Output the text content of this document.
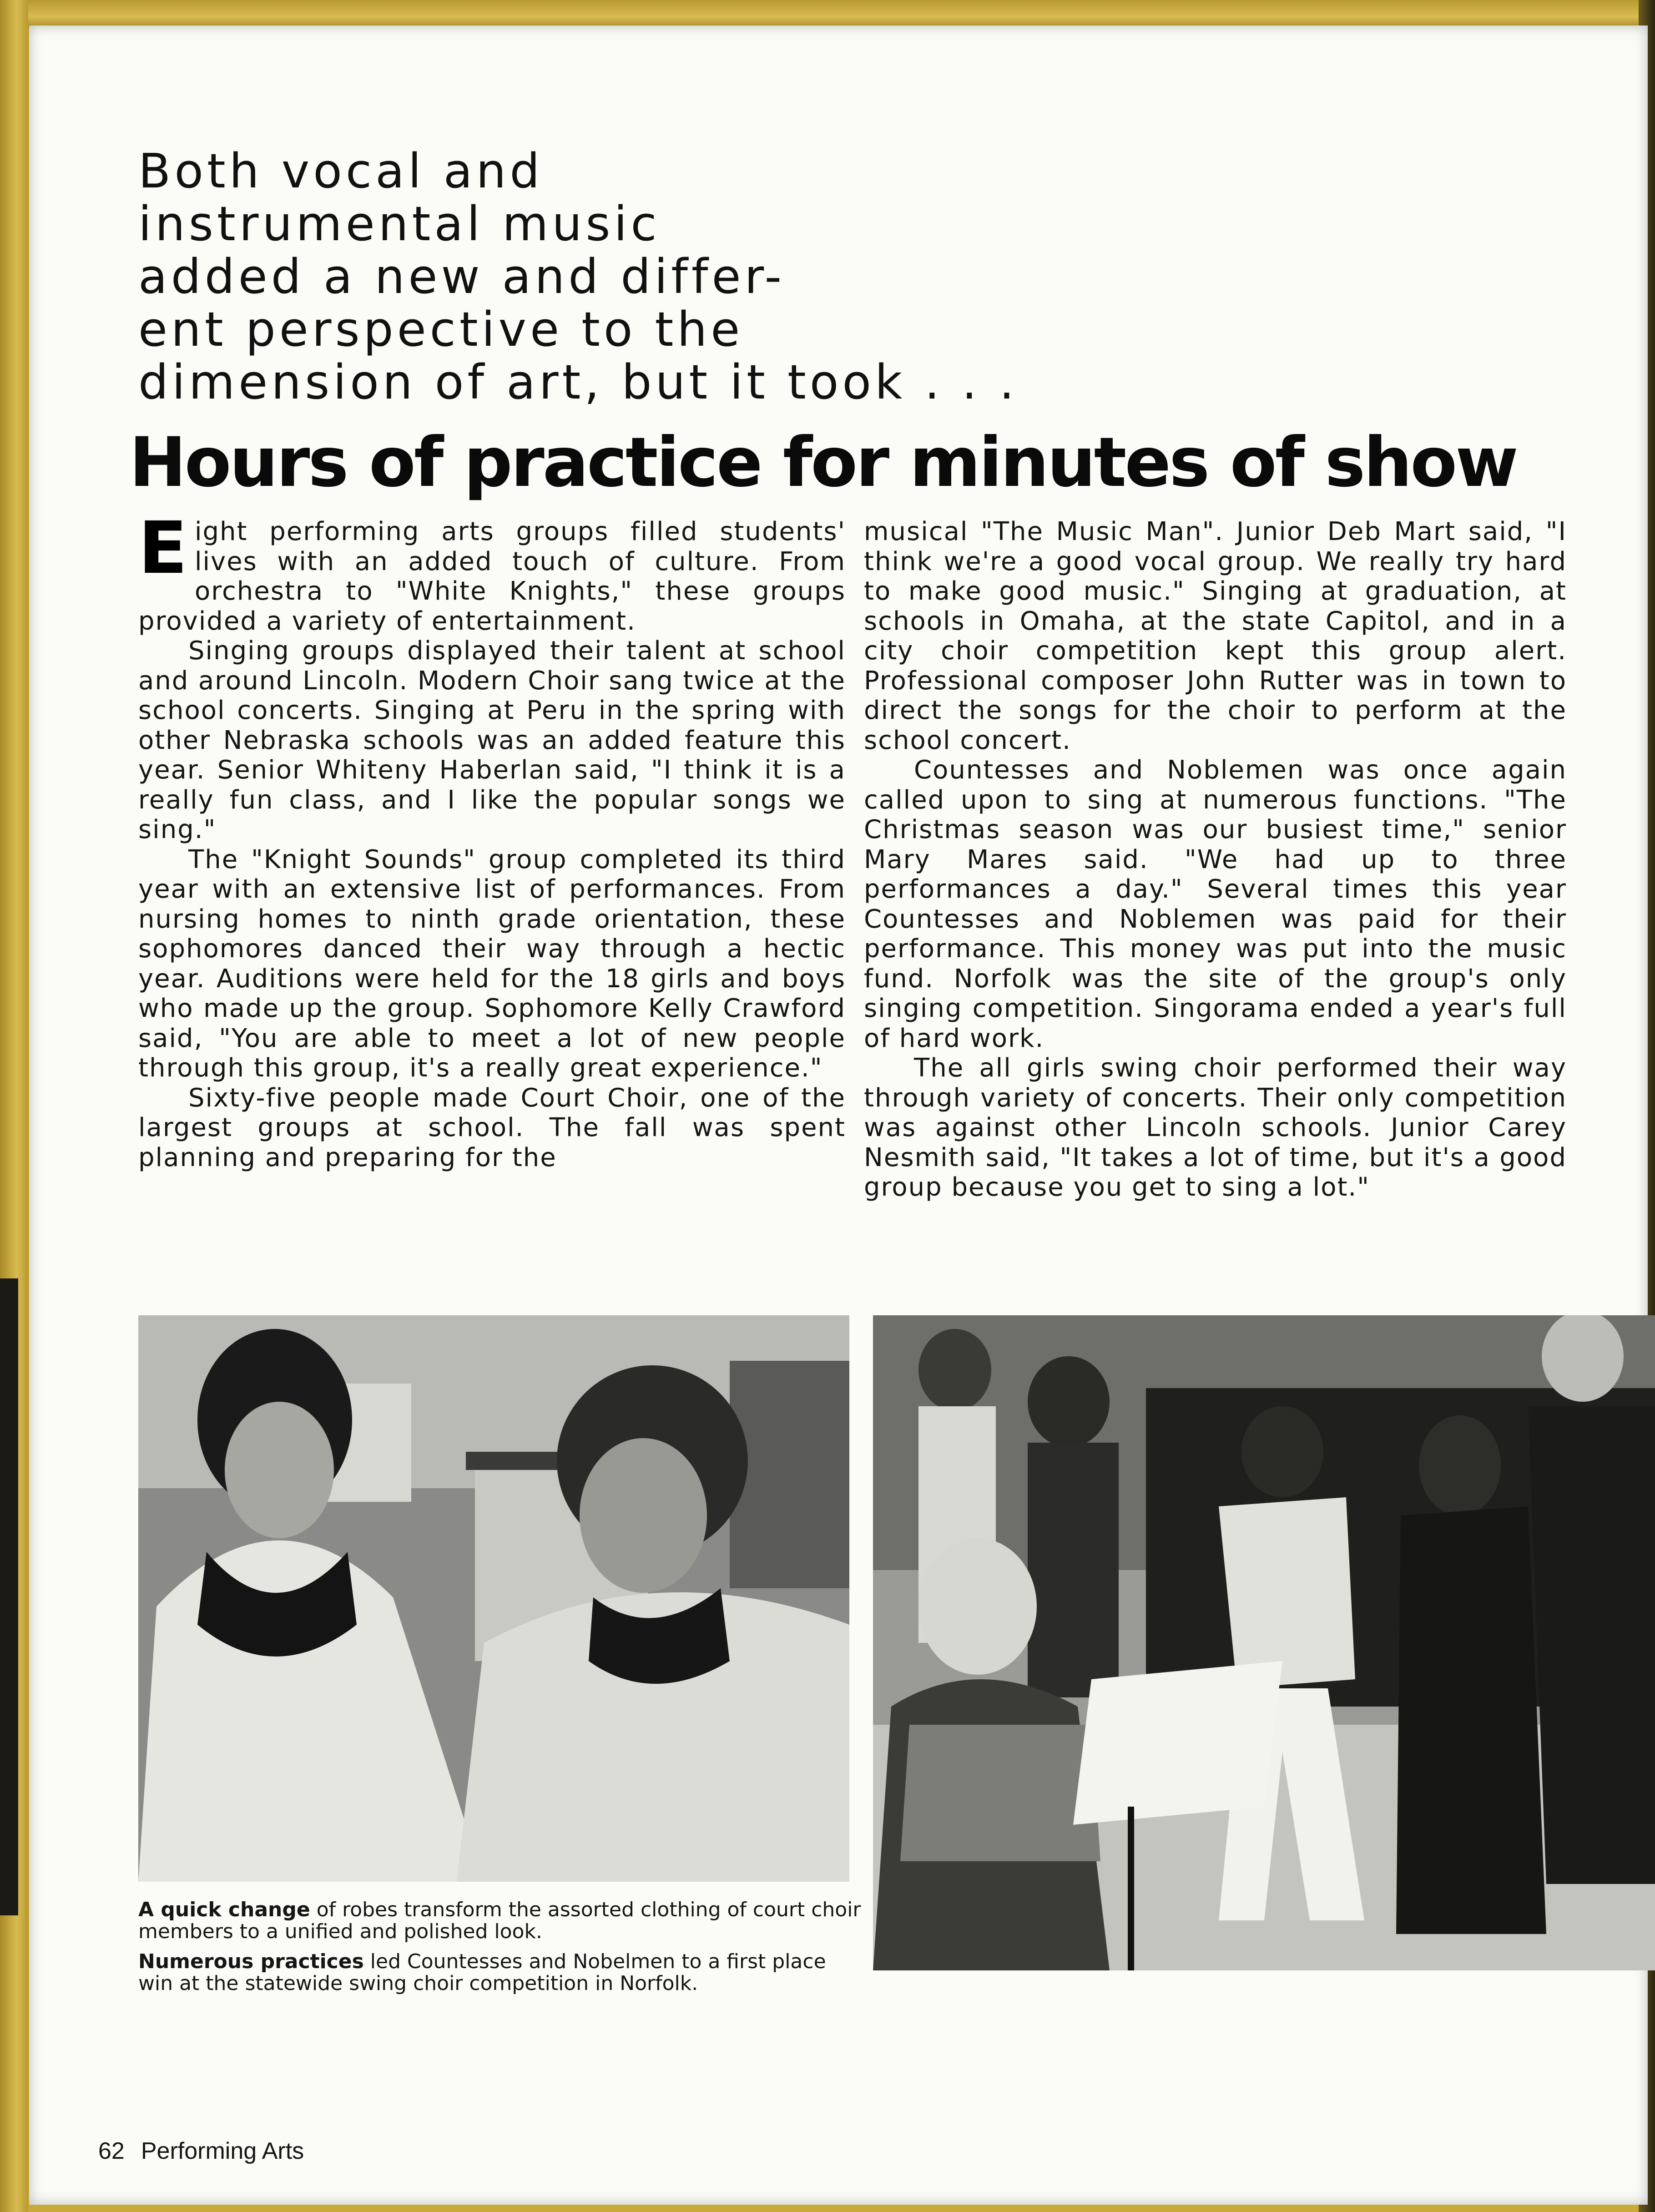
Both vocal and
instrumental music
added a new and differ-
ent perspective to the
dimension of art, but it took . . .
Hours of practice for minutes of show

Eight performing arts groups filled students' lives with an added touch of culture. From orchestra to "White Knights," these groups provided a variety of entertainment.

Singing groups displayed their talent at school and around Lincoln. Modern Choir sang twice at the school concerts. Singing at Peru in the spring with other Nebraska schools was an added feature this year. Senior Whiteny Haberlan said, "I think it is a really fun class, and I like the popular songs we sing."

The "Knight Sounds" group completed its third year with an extensive list of performances. From nursing homes to ninth grade orientation, these sophomores danced their way through a hectic year. Auditions were held for the 18 girls and boys who made up the group. Sophomore Kelly Crawford said, "You are able to meet a lot of new people through this group, it's a really great experience."

Sixty-five people made Court Choir, one of the largest groups at school. The fall was spent planning and preparing for the

musical "The Music Man". Junior Deb Mart said, "I think we're a good vocal group. We really try hard to make good music." Singing at graduation, at schools in Omaha, at the state Capitol, and in a city choir competition kept this group alert. Professional composer John Rutter was in town to direct the songs for the choir to perform at the school concert.

Countesses and Noblemen was once again called upon to sing at numerous functions. "The Christmas season was our busiest time," senior Mary Mares said. "We had up to three performances a day." Several times this year Countesses and Noblemen was paid for their performance. This money was put into the music fund. Norfolk was the site of the group's only singing competition. Singorama ended a year's full of hard work.

The all girls swing choir performed their way through variety of concerts. Their only competition was against other Lincoln schools. Junior Carey Nesmith said, "It takes a lot of time, but it's a good group because you get to sing a lot."

A quick change of robes transform the assorted clothing of court choir members to a unified and polished look.

Numerous practices led Countesses and Nobelmen to a first place win at the statewide swing choir competition in Norfolk.

62 Performing Arts
